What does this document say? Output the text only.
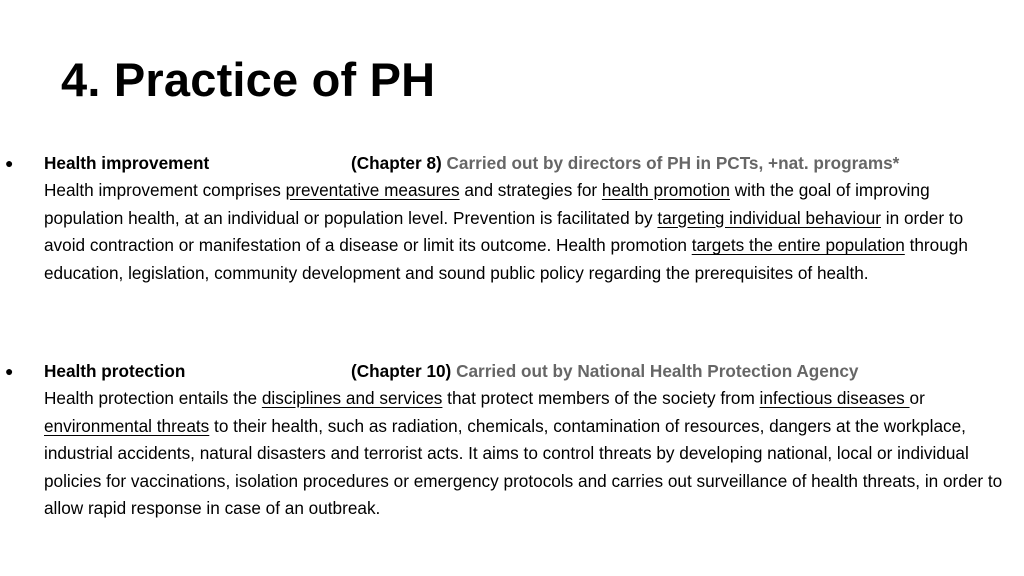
4. Practice of PH
● Health improvement	(Chapter 8) Carried out by directors of PH in PCTs, +nat. programs*

Health improvement comprises preventative measures and strategies for health promotion with the goal of improving population health, at an individual or population level. Prevention is facilitated by targeting individual behaviour in order to avoid contraction or manifestation of a disease or limit its outcome. Health promotion targets the entire population through education, legislation, community development and sound public policy regarding the prerequisites of health.

● Health protection	(Chapter 10) Carried out by National Health Protection Agency

Health protection entails the disciplines and services that protect members of the society from infectious diseases or environmental threats to their health, such as radiation, chemicals, contamination of resources, dangers at the workplace, industrial accidents, natural disasters and terrorist acts. It aims to control threats by developing national, local or individual policies for vaccinations, isolation procedures or emergency protocols and carries out surveillance of health threats, in order to allow rapid response in case of an outbreak.
